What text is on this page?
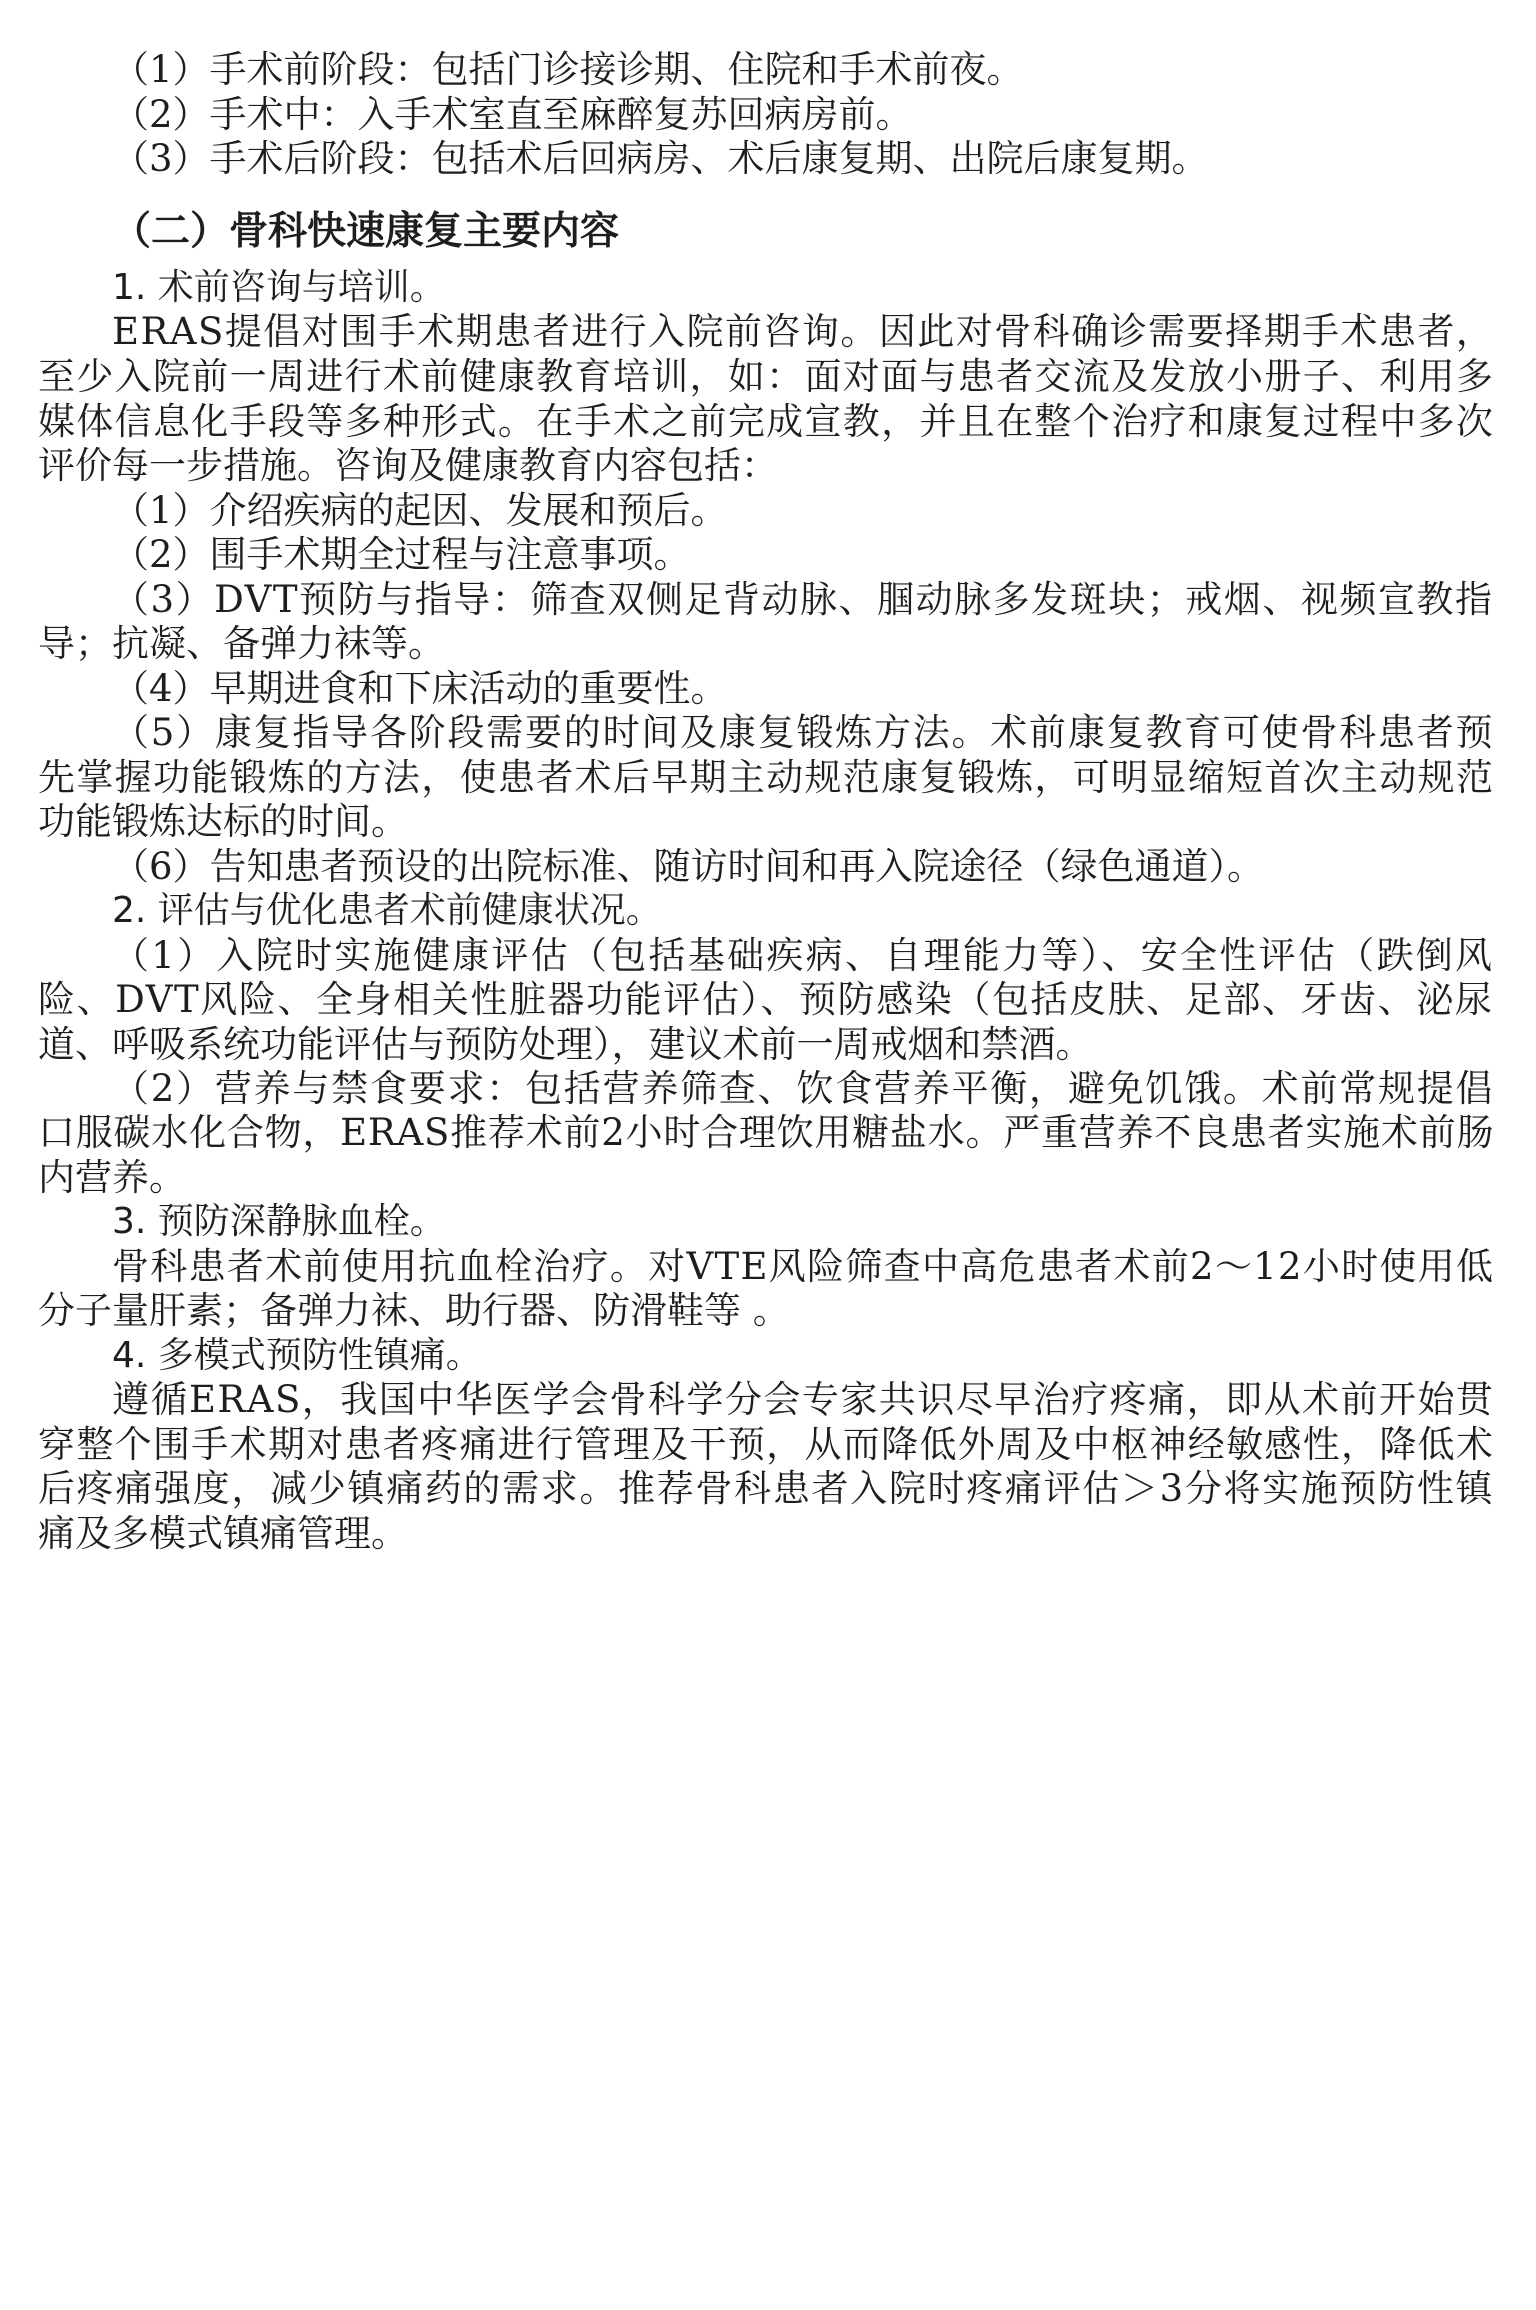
（1）手术前阶段：包括门诊接诊期、住院和手术前夜。

（2）手术中：入手术室直至麻醉复苏回病房前。

（3）手术后阶段：包括术后回病房、术后康复期、出院后康复期。

（二）骨科快速康复主要内容

1. 术前咨询与培训。

ERAS提倡对围手术期患者进行入院前咨询。因此对骨科确诊需要择期手术患者，

至少入院前一周进行术前健康教育培训，如：面对面与患者交流及发放小册子、利用多

媒体信息化手段等多种形式。在手术之前完成宣教，并且在整个治疗和康复过程中多次

评价每一步措施。咨询及健康教育内容包括：

（1）介绍疾病的起因、发展和预后。

（2）围手术期全过程与注意事项。

（3）DVT预防与指导：筛查双侧足背动脉、腘动脉多发斑块；戒烟、视频宣教指

导；抗凝、备弹力袜等。

（4）早期进食和下床活动的重要性。

（5）康复指导各阶段需要的时间及康复锻炼方法。术前康复教育可使骨科患者预

先掌握功能锻炼的方法，使患者术后早期主动规范康复锻炼，可明显缩短首次主动规范

功能锻炼达标的时间。

（6）告知患者预设的出院标准、随访时间和再入院途径（绿色通道）。

2. 评估与优化患者术前健康状况。

（1）入院时实施健康评估（包括基础疾病、自理能力等）、安全性评估（跌倒风

险、DVT风险、全身相关性脏器功能评估）、预防感染（包括皮肤、足部、牙齿、泌尿

道、呼吸系统功能评估与预防处理），建议术前一周戒烟和禁酒。

（2）营养与禁食要求：包括营养筛查、饮食营养平衡，避免饥饿。术前常规提倡

口服碳水化合物，ERAS推荐术前2小时合理饮用糖盐水。严重营养不良患者实施术前肠

内营养。

3. 预防深静脉血栓。

骨科患者术前使用抗血栓治疗。对VTE风险筛查中高危患者术前2～12小时使用低

分子量肝素；备弹力袜、助行器、防滑鞋等 。

4. 多模式预防性镇痛。

遵循ERAS，我国中华医学会骨科学分会专家共识尽早治疗疼痛，即从术前开始贯

穿整个围手术期对患者疼痛进行管理及干预，从而降低外周及中枢神经敏感性，降低术

后疼痛强度，减少镇痛药的需求。推荐骨科患者入院时疼痛评估＞3分将实施预防性镇

痛及多模式镇痛管理。
